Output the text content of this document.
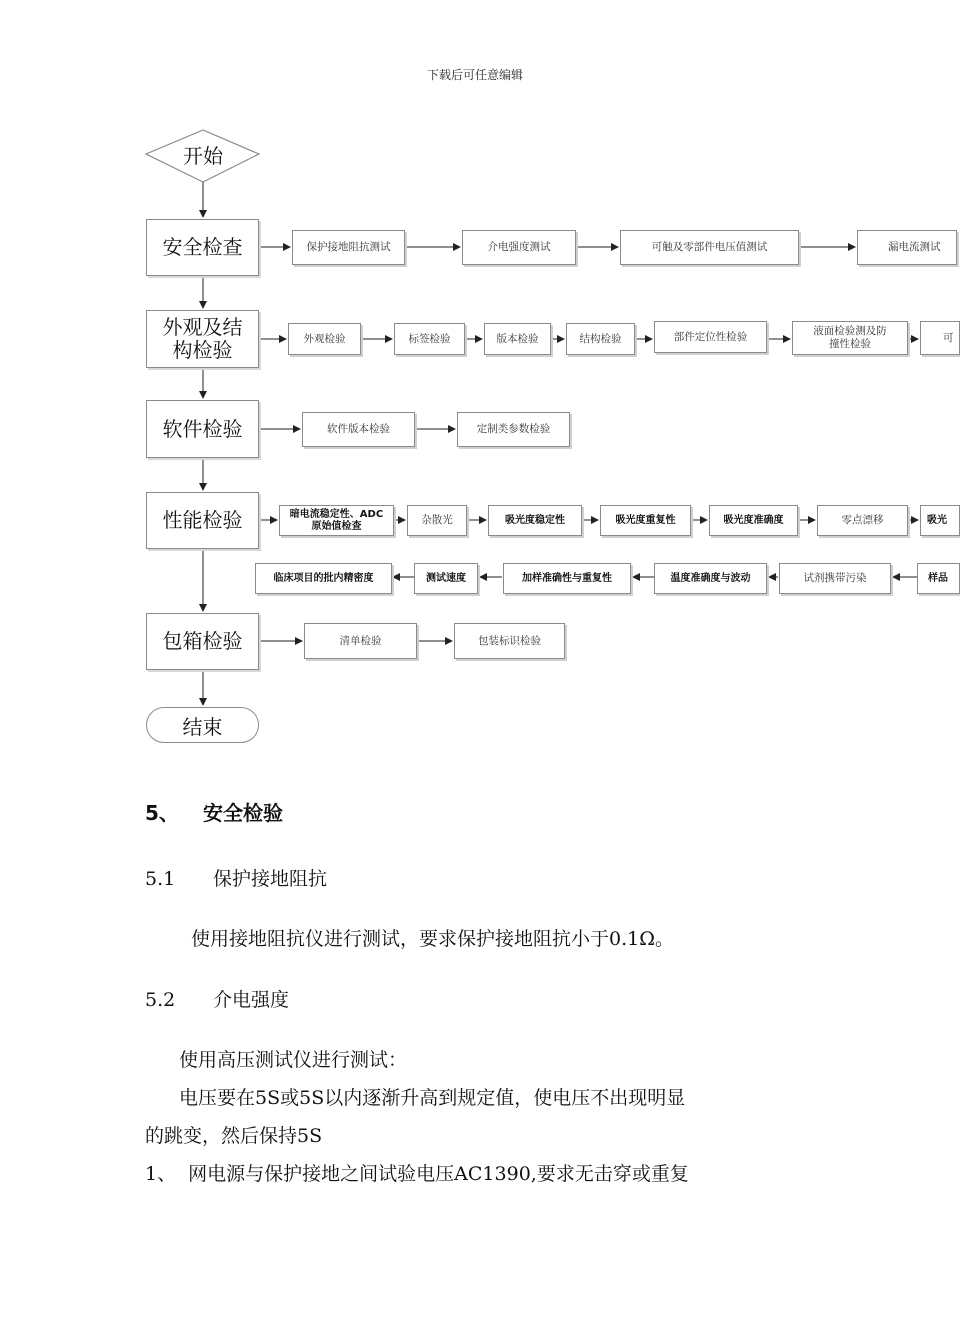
下载后可任意编辑
开始
安全检查
外观及结构检验
软件检验
性能检验
包箱检验
结束
保护接地阻抗测试	介电强度测试	可触及零部件电压值测试	漏电流测试
外观检验	标签检验	版本检验	结构检验	部件定位性检验	液面检验测及防撞性检验
可
软件版本检验	定制类参数检验
暗电流稳定性、ADC原始值检查	杂散光	吸光度稳定性	吸光度重复性	吸光度准确度	零点漂移	吸光
临床项目的批内精密度	测试速度	加样准确性与重复性	温度准确度与波动	试剂携带污染	样品
清单检验	包装标识检验
5、 安全检验
5.1 保护接地阻抗
使用接地阻抗仪进行测试，要求保护接地阻抗小于0.1Ω。
5.2 介电强度
使用高压测试仪进行测试：
电压要在5S或5S以内逐渐升高到规定值，使电压不出现明显
的跳变，然后保持5S
1、  网电源与保护接地之间试验电压AC1390,要求无击穿或重复
